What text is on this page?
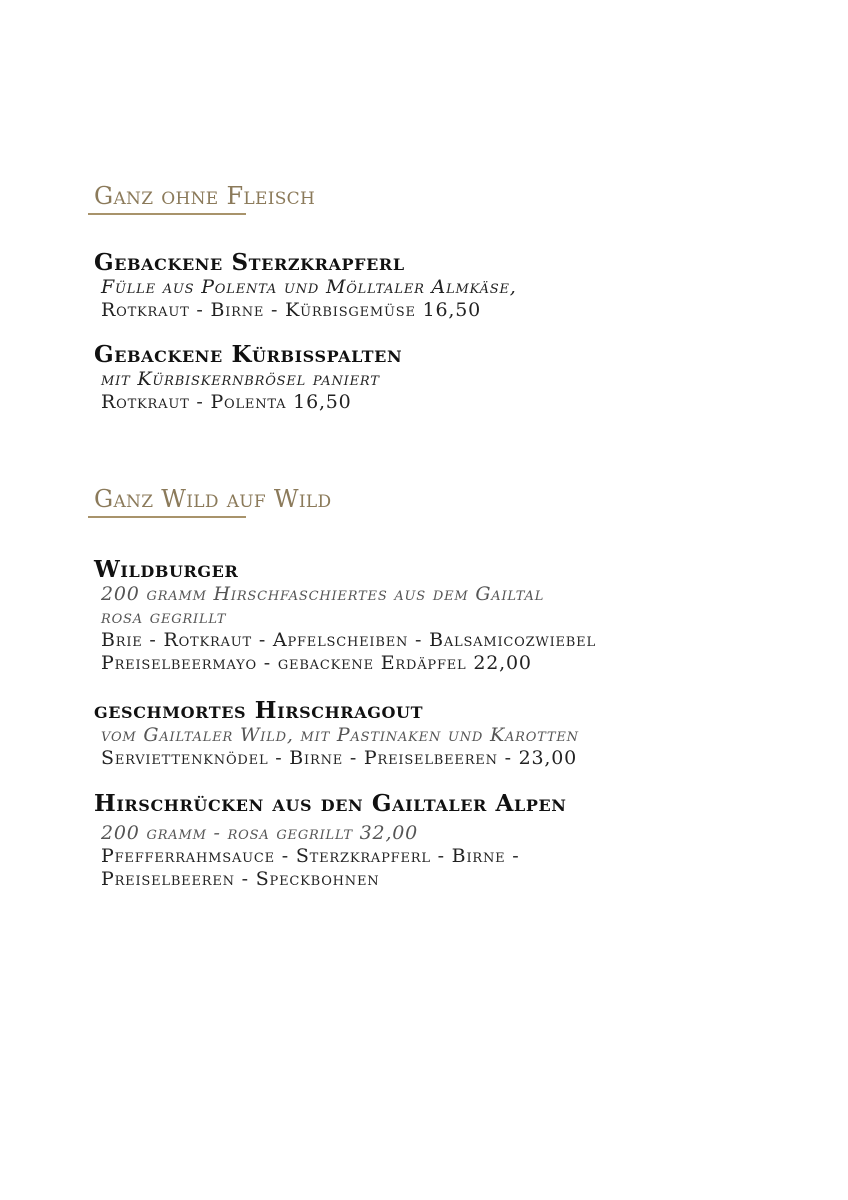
Ganz ohne Fleisch
Gebackene Sterzkrapferl
Fülle aus Polenta und Mölltaler Almkäse,
Rotkraut - Birne - Kürbisgemüse 16,50
Gebackene Kürbisspalten
mit Kürbiskernbrösel paniert
Rotkraut - Polenta 16,50
Ganz Wild auf Wild
Wildburger
200 gramm Hirschfaschiertes aus dem Gailtal
rosa gegrillt
Brie - Rotkraut - Apfelscheiben - Balsamicozwiebel
Preiselbeermayo - gebackene Erdäpfel 22,00
geschmortes Hirschragout
vom Gailtaler Wild, mit Pastinaken und Karotten
Serviettenknödel - Birne - Preiselbeeren - 23,00
Hirschrücken aus den Gailtaler Alpen
200 gramm - rosa gegrillt 32,00
Pfefferrahmsauce - Sterzkrapferl - Birne -
Preiselbeeren - Speckbohnen
